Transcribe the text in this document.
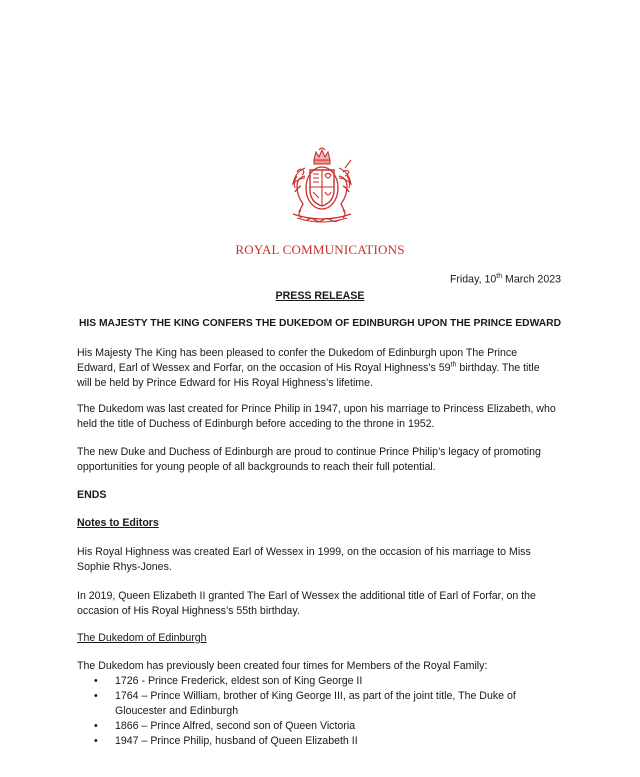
ROYAL COMMUNICATIONS
Friday, 10th March 2023
PRESS RELEASE
HIS MAJESTY THE KING CONFERS THE DUKEDOM OF EDINBURGH UPON THE PRINCE EDWARD
His Majesty The King has been pleased to confer the Dukedom of Edinburgh upon The Prince
Edward, Earl of Wessex and Forfar, on the occasion of His Royal Highness’s 59th birthday. The title
will be held by Prince Edward for His Royal Highness’s lifetime.
The Dukedom was last created for Prince Philip in 1947, upon his marriage to Princess Elizabeth, who
held the title of Duchess of Edinburgh before acceding to the throne in 1952.
The new Duke and Duchess of Edinburgh are proud to continue Prince Philip’s legacy of promoting
opportunities for young people of all backgrounds to reach their full potential.
ENDS
Notes to Editors
His Royal Highness was created Earl of Wessex in 1999, on the occasion of his marriage to Miss
Sophie Rhys-Jones.
In 2019, Queen Elizabeth II granted The Earl of Wessex the additional title of Earl of Forfar, on the
occasion of His Royal Highness’s 55th birthday.
The Dukedom of Edinburgh
The Dukedom has previously been created four times for Members of the Royal Family:
• 1726 - Prince Frederick, eldest son of King George II
• 1764 – Prince William, brother of King George III, as part of the joint title, The Duke of
Gloucester and Edinburgh
• 1866 – Prince Alfred, second son of Queen Victoria
• 1947 – Prince Philip, husband of Queen Elizabeth II
